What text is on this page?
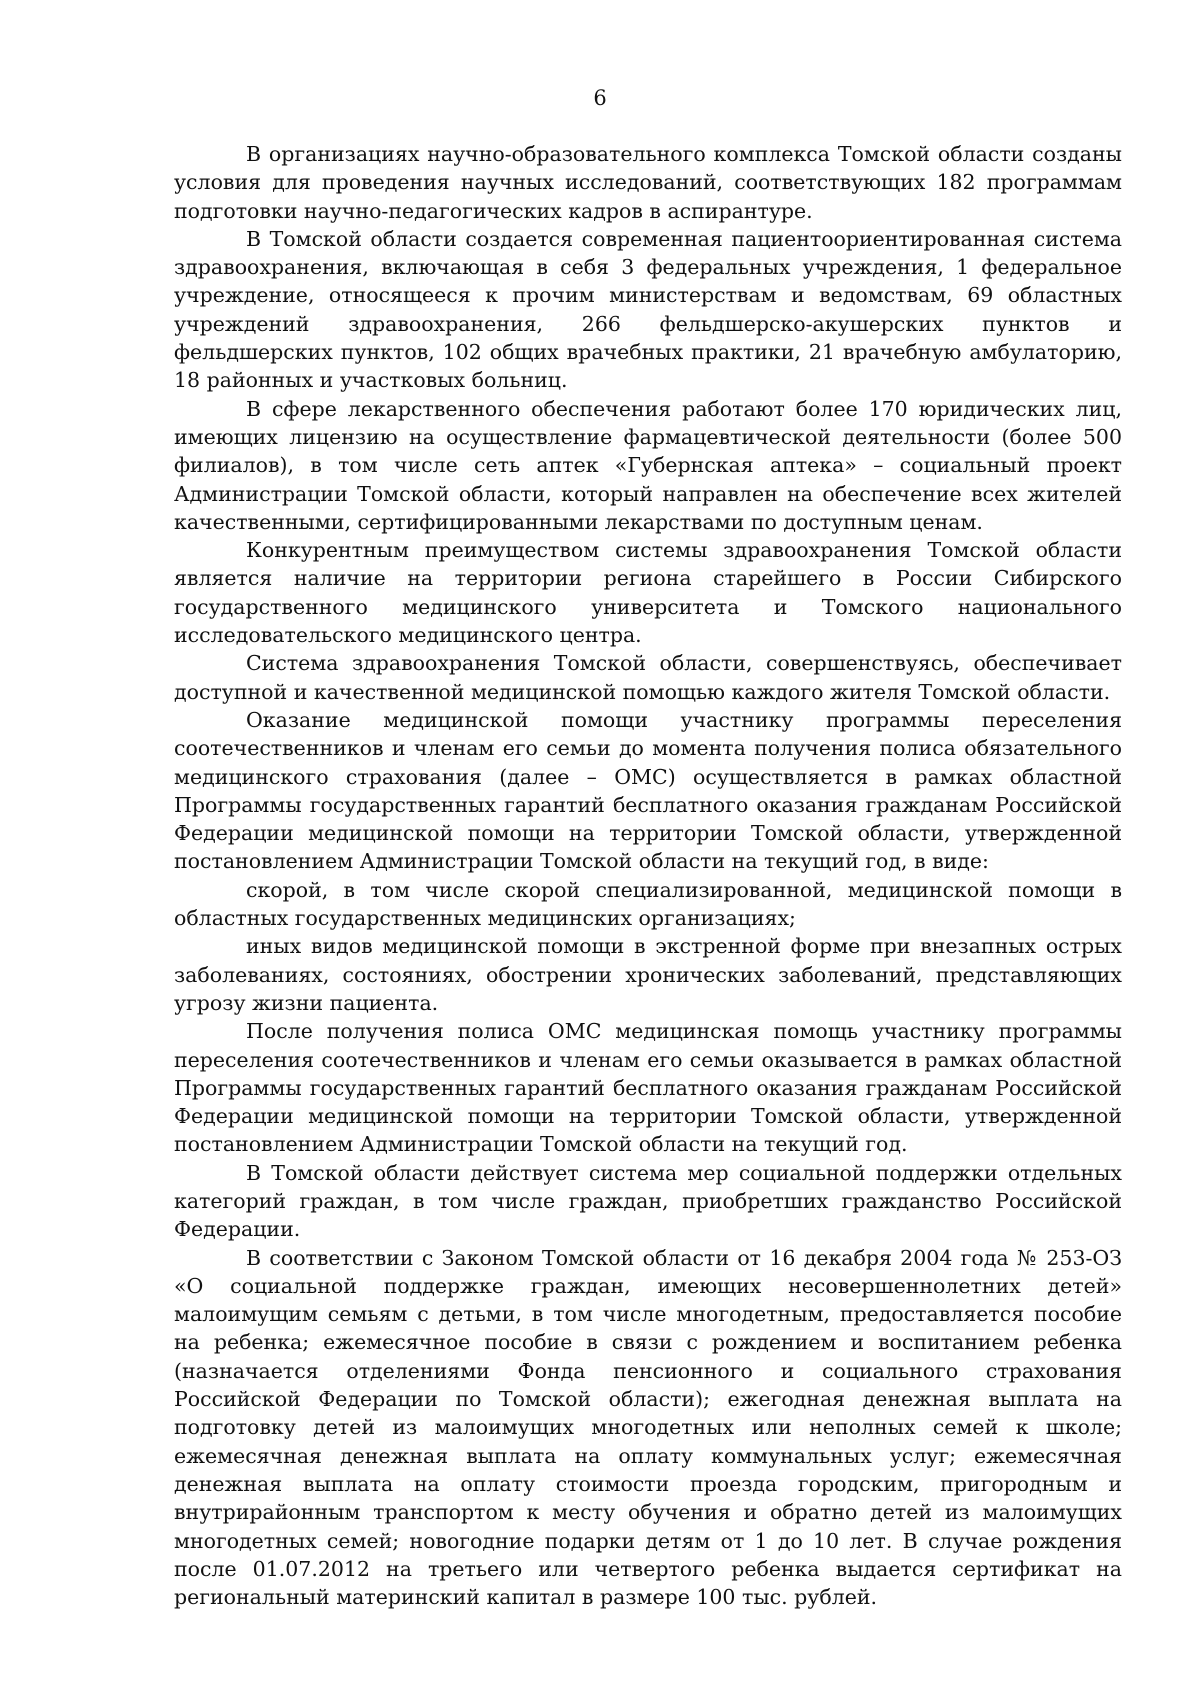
6

В организациях научно-образовательного комплекса Томской области созданы условия для проведения научных исследований, соответствующих 182 программам подготовки научно-педагогических кадров в аспирантуре.

В Томской области создается современная пациентоориентированная система здравоохранения, включающая в себя 3 федеральных учреждения, 1 федеральное учреждение, относящееся к прочим министерствам и ведомствам, 69 областных учреждений здравоохранения, 266 фельдшерско-акушерских пунктов и фельдшерских пунктов, 102 общих врачебных практики, 21 врачебную амбулаторию, 18 районных и участковых больниц.

В сфере лекарственного обеспечения работают более 170 юридических лиц, имеющих лицензию на осуществление фармацевтической деятельности (более 500 филиалов), в том числе сеть аптек «Губернская аптека» – социальный проект Администрации Томской области, который направлен на обеспечение всех жителей качественными, сертифицированными лекарствами по доступным ценам.

Конкурентным преимуществом системы здравоохранения Томской области является наличие на территории региона старейшего в России Сибирского государственного медицинского университета и Томского национального исследовательского медицинского центра.

Система здравоохранения Томской области, совершенствуясь, обеспечивает доступной и качественной медицинской помощью каждого жителя Томской области.

Оказание медицинской помощи участнику программы переселения соотечественников и членам его семьи до момента получения полиса обязательного медицинского страхования (далее – ОМС) осуществляется в рамках областной Программы государственных гарантий бесплатного оказания гражданам Российской Федерации медицинской помощи на территории Томской области, утвержденной постановлением Администрации Томской области на текущий год, в виде:

скорой, в том числе скорой специализированной, медицинской помощи в областных государственных медицинских организациях;

иных видов медицинской помощи в экстренной форме при внезапных острых заболеваниях, состояниях, обострении хронических заболеваний, представляющих угрозу жизни пациента.

После получения полиса ОМС медицинская помощь участнику программы переселения соотечественников и членам его семьи оказывается в рамках областной Программы государственных гарантий бесплатного оказания гражданам Российской Федерации медицинской помощи на территории Томской области, утвержденной постановлением Администрации Томской области на текущий год.

В Томской области действует система мер социальной поддержки отдельных категорий граждан, в том числе граждан, приобретших гражданство Российской Федерации.

В соответствии с Законом Томской области от 16 декабря 2004 года № 253-ОЗ «О социальной поддержке граждан, имеющих несовершеннолетних детей» малоимущим семьям с детьми, в том числе многодетным, предоставляется пособие на ребенка; ежемесячное пособие в связи с рождением и воспитанием ребенка (назначается отделениями Фонда пенсионного и социального страхования Российской Федерации по Томской области); ежегодная денежная выплата на подготовку детей из малоимущих многодетных или неполных семей к школе; ежемесячная денежная выплата на оплату коммунальных услуг; ежемесячная денежная выплата на оплату стоимости проезда городским, пригородным и внутрирайонным транспортом к месту обучения и обратно детей из малоимущих многодетных семей; новогодние подарки детям от 1 до 10 лет. В случае рождения после 01.07.2012 на третьего или четвертого ребенка выдается сертификат на региональный материнский капитал в размере 100 тыс. рублей.
